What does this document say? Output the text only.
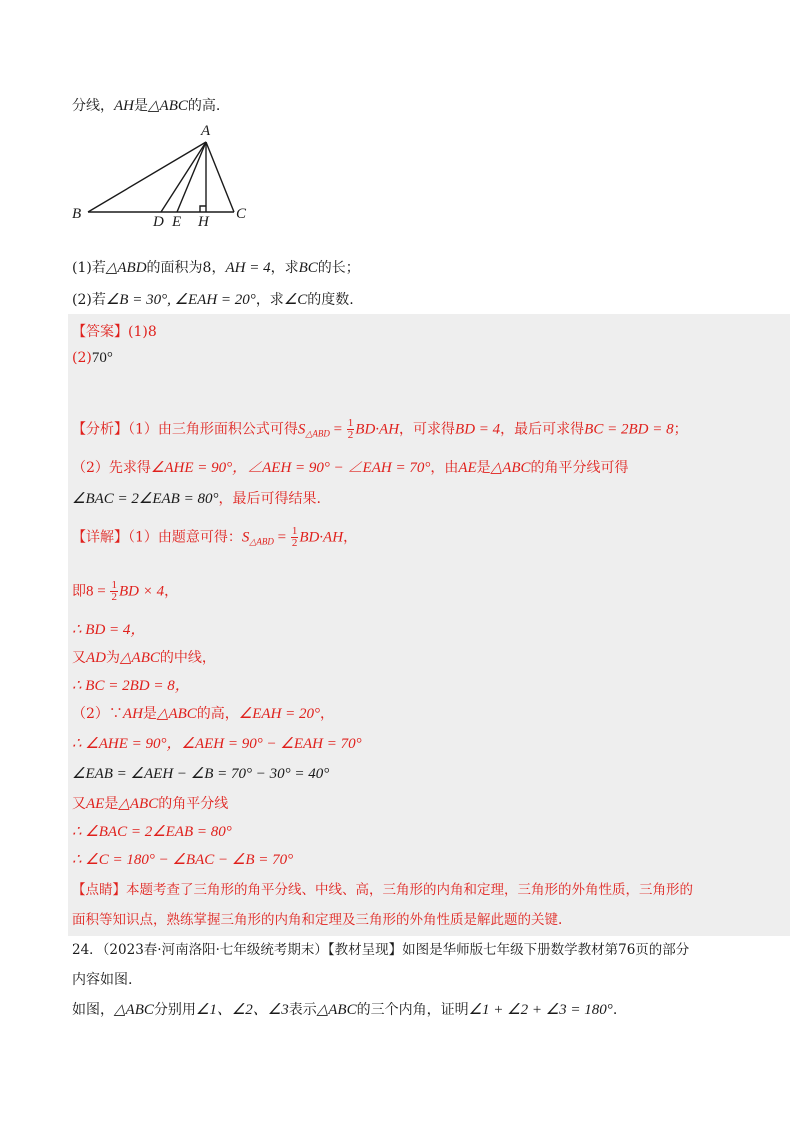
分线，AH是△ABC的高.
A
B	C
D E H
(1)若△ABD的面积为8，AH = 4，求BC的长；
(2)若∠B = 30°, ∠EAH = 20°，求∠C的度数.
【答案】(1)8
(2)70°
【分析】（1）由三角形面积公式可得$S_{\triangle ABD} = \frac{1}{2} BD\cdot AH$，可求得BD = 4，最后可求得BC = 2BD = 8；
（2）先求得∠AHE = 90°，∠AEH = 90° − ∠EAH = 70°，由AE是△ABC的角平分线可得
∠BAC = 2∠EAB = 80°，最后可得结果.
【详解】（1）由题意可得：$S_{\triangle ABD} = \frac{1}{2} BD\cdot AH$，
即$8 = \frac{1}{2}$ BD × 4，
∴ BD = 4，
又AD为△ABC的中线，
∴ BC = 2BD = 8，
（2）∵AH是△ABC的高，∠EAH = 20°，
∴ ∠AHE = 90°，∠AEH = 90° − ∠EAH = 70°
∠EAB = ∠AEH − ∠B = 70° − 30° = 40°
又AE是△ABC的角平分线
∴ ∠BAC = 2∠EAB = 80°
∴ ∠C = 180° − ∠BAC − ∠B = 70°
【点睛】本题考查了三角形的角平分线、中线、高，三角形的内角和定理，三角形的外角性质，三角形的
面积等知识点，熟练掌握三角形的内角和定理及三角形的外角性质是解此题的关键.
24．（2023春·河南洛阳·七年级统考期末）【教材呈现】如图是华师版七年级下册数学教材第76页的部分
内容如图.
如图，△ABC分别用∠1、∠2、∠3表示△ABC的三个内角，证明∠1 + ∠2 + ∠3 = 180°.
